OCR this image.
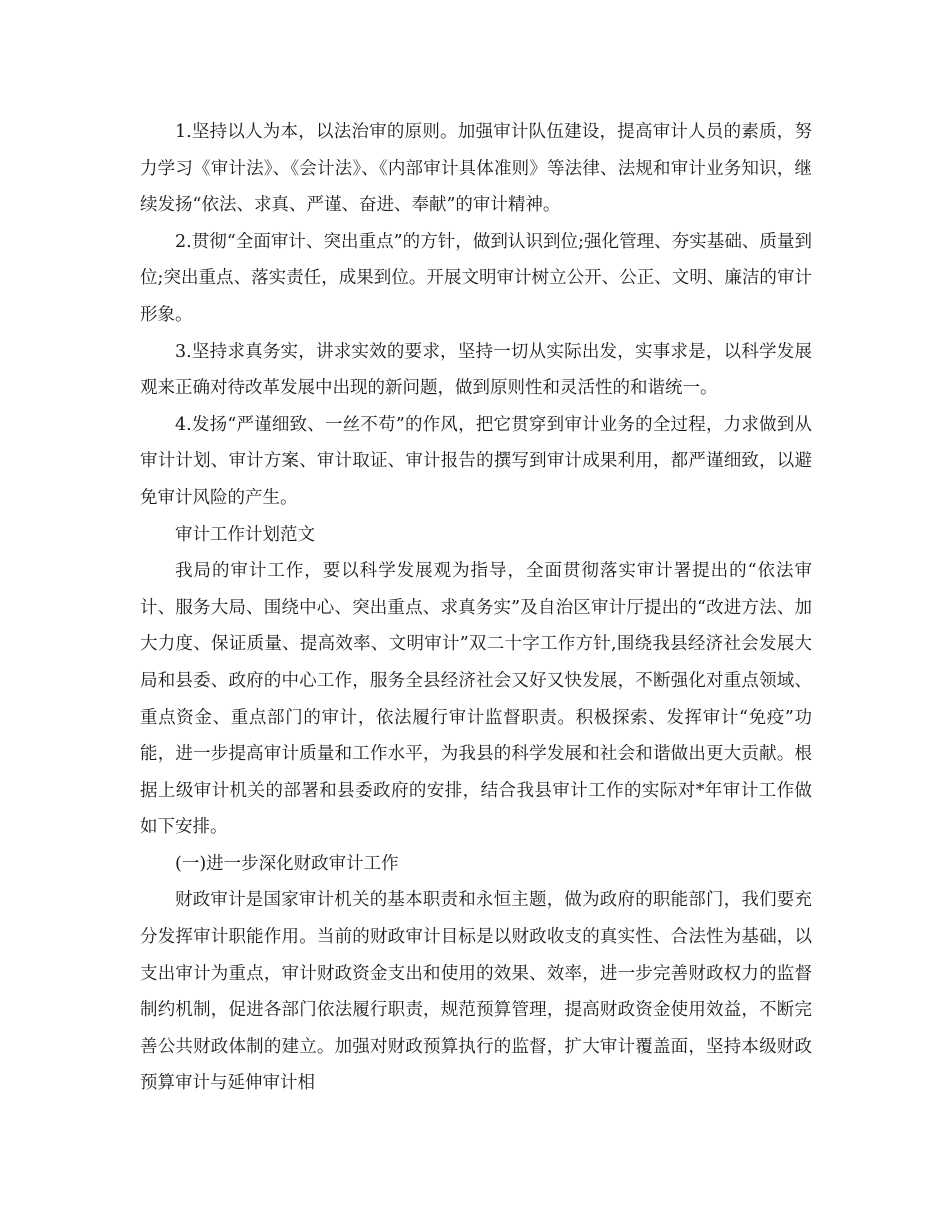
1.坚持以人为本，以法治审的原则。加强审计队伍建设，提高审计人员的素质，努力学习《审计法》、《会计法》、《内部审计具体准则》等法律、法规和审计业务知识，继续发扬“依法、求真、严谨、奋进、奉献”的审计精神。

2.贯彻“全面审计、突出重点”的方针，做到认识到位;强化管理、夯实基础、质量到位;突出重点、落实责任，成果到位。开展文明审计树立公开、公正、文明、廉洁的审计形象。

3.坚持求真务实，讲求实效的要求，坚持一切从实际出发，实事求是，以科学发展观来正确对待改革发展中出现的新问题，做到原则性和灵活性的和谐统一。

4.发扬“严谨细致、一丝不苟”的作风，把它贯穿到审计业务的全过程，力求做到从审计计划、审计方案、审计取证、审计报告的撰写到审计成果利用，都严谨细致，以避免审计风险的产生。

审计工作计划范文

我局的审计工作，要以科学发展观为指导，全面贯彻落实审计署提出的“依法审计、服务大局、围绕中心、突出重点、求真务实”及自治区审计厅提出的“改进方法、加大力度、保证质量、提高效率、文明审计”双二十字工作方针,围绕我县经济社会发展大局和县委、政府的中心工作，服务全县经济社会又好又快发展，不断强化对重点领域、重点资金、重点部门的审计，依法履行审计监督职责。积极探索、发挥审计“免疫”功能，进一步提高审计质量和工作水平，为我县的科学发展和社会和谐做出更大贡献。根据上级审计机关的部署和县委政府的安排，结合我县审计工作的实际对*年审计工作做如下安排。

(一)进一步深化财政审计工作

财政审计是国家审计机关的基本职责和永恒主题，做为政府的职能部门，我们要充分发挥审计职能作用。当前的财政审计目标是以财政收支的真实性、合法性为基础，以支出审计为重点，审计财政资金支出和使用的效果、效率，进一步完善财政权力的监督制约机制，促进各部门依法履行职责，规范预算管理，提高财政资金使用效益，不断完善公共财政体制的建立。加强对财政预算执行的监督，扩大审计覆盖面，坚持本级财政预算审计与延伸审计相
